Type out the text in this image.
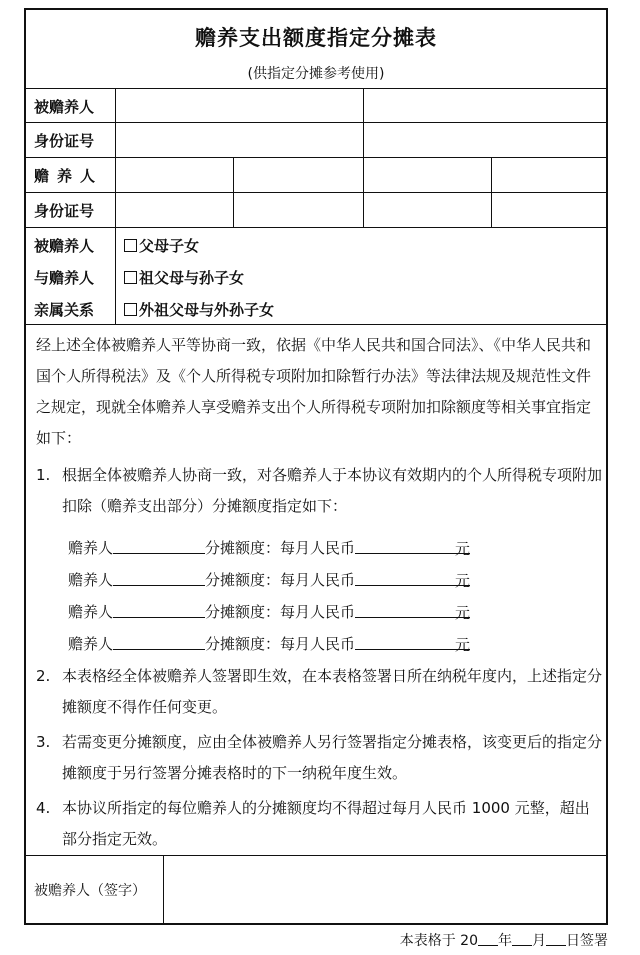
赡养支出额度指定分摊表
(供指定分摊参考使用)
被赡养人
身份证号
赡养人
身份证号
被赡养人
与赡养人
亲属关系
父母子女
祖父母与孙子女
外祖父母与外孙子女
经上述全体被赡养人平等协商一致，依据《中华人民共和国合同法》、《中华人民共和国个人所得税法》及《个人所得税专项附加扣除暂行办法》等法律法规及规范性文件之规定，现就全体赡养人享受赡养支出个人所得税专项附加扣除额度等相关事宜指定如下：
1. 根据全体被赡养人协商一致，对各赡养人于本协议有效期内的个人所得税专项附加扣除（赡养支出部分）分摊额度指定如下：
赡养人	分摊额度：每月人民币	元
赡养人	分摊额度：每月人民币	元
赡养人	分摊额度：每月人民币	元
赡养人	分摊额度：每月人民币	元
2. 本表格经全体被赡养人签署即生效，在本表格签署日所在纳税年度内，上述指定分摊额度不得作任何变更。
3. 若需变更分摊额度，应由全体被赡养人另行签署指定分摊表格，该变更后的指定分摊额度于另行签署分摊表格时的下一纳税年度生效。
4. 本协议所指定的每位赡养人的分摊额度均不得超过每月人民币 1000 元整，超出部分指定无效。
被赡养人（签字）
本表格于 20 年 月 日签署
